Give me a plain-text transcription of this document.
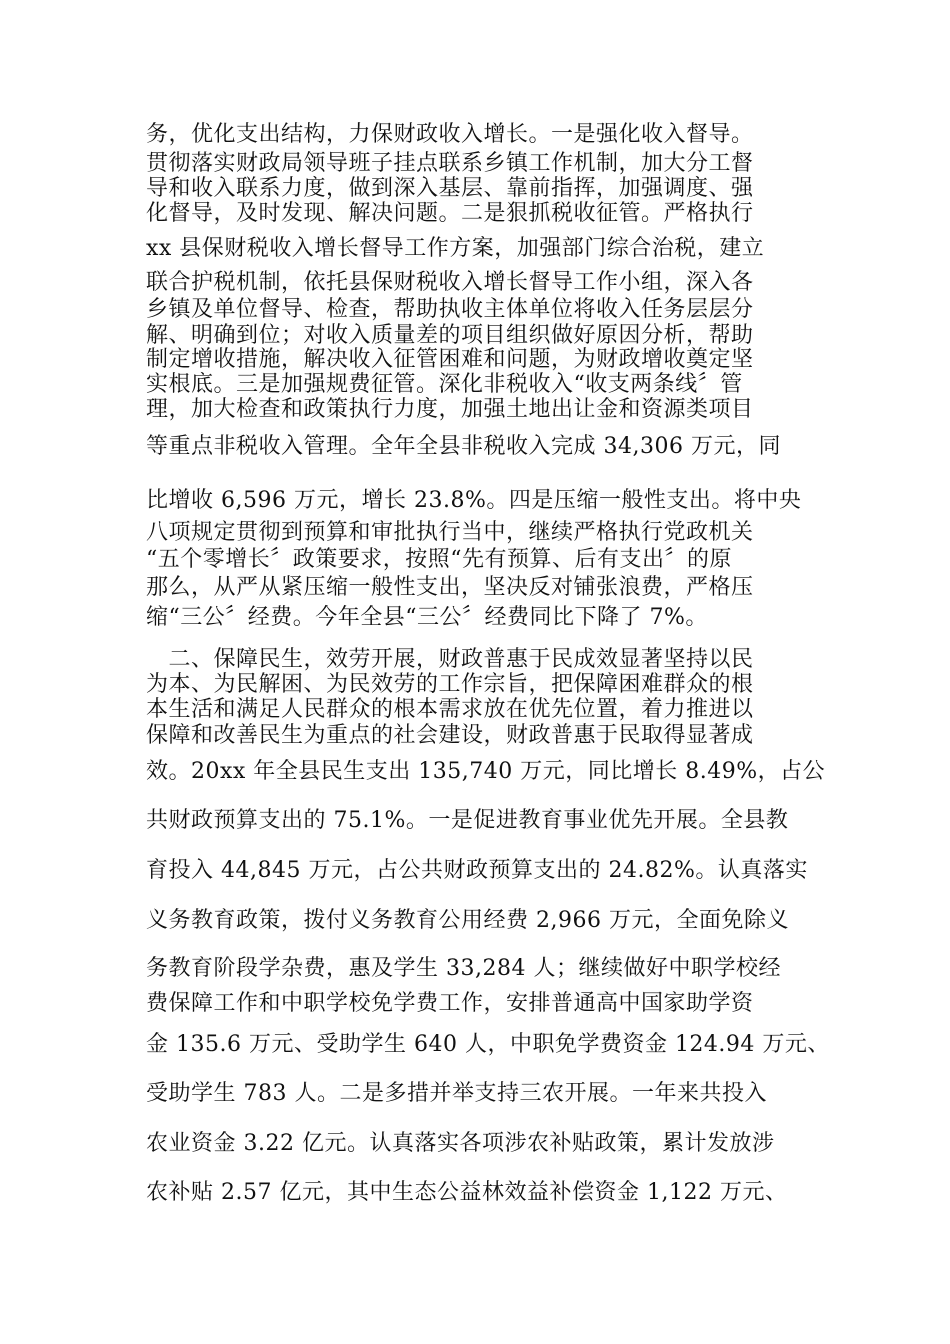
务，优化支出结构，力保财政收入增长。一是强化收入督导。
贯彻落实财政局领导班子挂点联系乡镇工作机制，加大分工督
导和收入联系力度，做到深入基层、靠前指挥，加强调度、强
化督导，及时发现、解决问题。二是狠抓税收征管。严格执行
xx 县保财税收入增长督导工作方案，加强部门综合治税，建立
联合护税机制，依托县保财税收入增长督导工作小组，深入各
乡镇及单位督导、检查，帮助执收主体单位将收入任务层层分
解、明确到位；对收入质量差的项目组织做好原因分析，帮助
制定增收措施，解决收入征管困难和问题，为财政增收奠定坚
实根底。三是加强规费征管。深化非税收入“收支两条线〞管
理，加大检查和政策执行力度，加强土地出让金和资源类项目
等重点非税收入管理。全年全县非税收入完成 34,306 万元，同
比增收 6,596 万元，增长 23.8%。四是压缩一般性支出。将中央
八项规定贯彻到预算和审批执行当中，继续严格执行党政机关
“五个零增长〞政策要求，按照“先有预算、后有支出〞的原
那么，从严从紧压缩一般性支出，坚决反对铺张浪费，严格压
缩“三公〞经费。今年全县“三公〞经费同比下降了 7%。
　二、保障民生，效劳开展，财政普惠于民成效显著坚持以民
为本、为民解困、为民效劳的工作宗旨，把保障困难群众的根
本生活和满足人民群众的根本需求放在优先位置，着力推进以
保障和改善民生为重点的社会建设，财政普惠于民取得显著成
效。20xx 年全县民生支出 135,740 万元，同比增长 8.49%，占公
共财政预算支出的 75.1%。一是促进教育事业优先开展。全县教
育投入 44,845 万元，占公共财政预算支出的 24.82%。认真落实
义务教育政策，拨付义务教育公用经费 2,966 万元，全面免除义
务教育阶段学杂费，惠及学生 33,284 人；继续做好中职学校经
费保障工作和中职学校免学费工作，安排普通高中国家助学资
金 135.6 万元、受助学生 640 人，中职免学费资金 124.94 万元、
受助学生 783 人。二是多措并举支持三农开展。一年来共投入
农业资金 3.22 亿元。认真落实各项涉农补贴政策，累计发放涉
农补贴 2.57 亿元，其中生态公益林效益补偿资金 1,122 万元、
